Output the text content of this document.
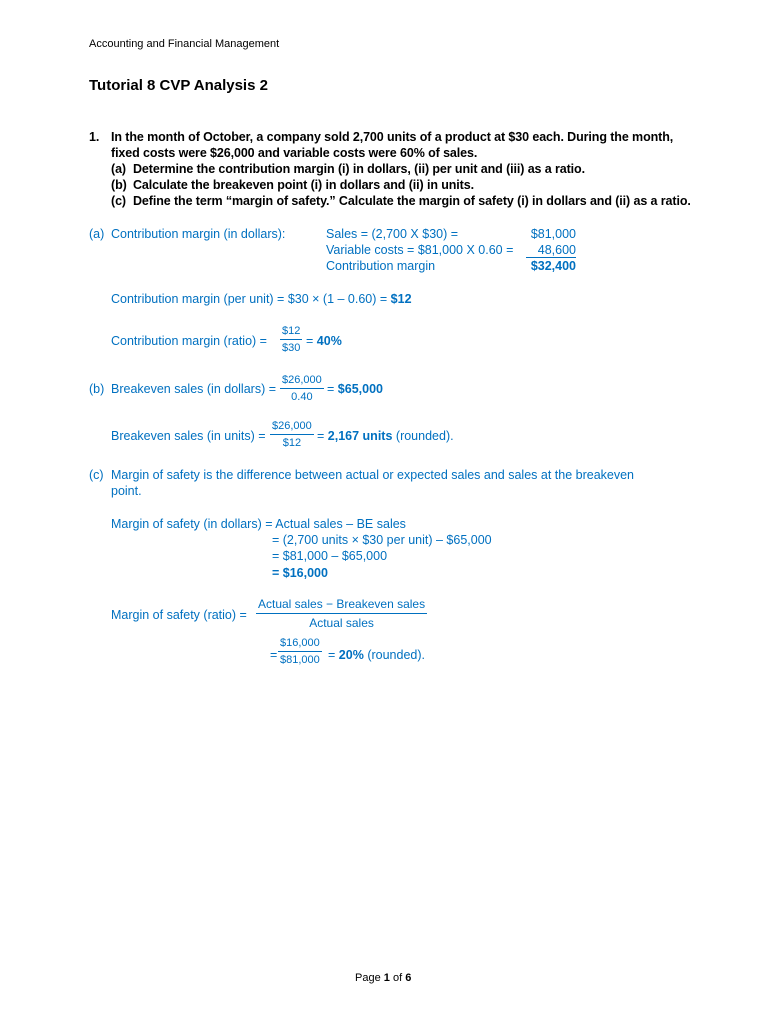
Accounting and Financial Management
Tutorial 8 CVP Analysis 2
1. In the month of October, a company sold 2,700 units of a product at $30 each. During the month,
fixed costs were $26,000 and variable costs were 60% of sales.
(a) Determine the contribution margin (i) in dollars, (ii) per unit and (iii) as a ratio.
(b) Calculate the breakeven point (i) in dollars and (ii) in units.
(c) Define the term “margin of safety.” Calculate the margin of safety (i) in dollars and (ii) as a ratio.
(a) Contribution margin (in dollars):	Sales = (2,700 X $30) =	$81,000
Variable costs = $81,000 X 0.60 =	48,600
Contribution margin	$32,400
Contribution margin (per unit) = $30 × (1 – 0.60) = $12
Contribution margin (ratio) = $\frac{\$12}{\$30} = 40\%$
(b) Breakeven sales (in dollars) = $\frac{\$26,000}{0.40}$ = $65,000
Breakeven sales (in units) = $\frac{\$26,000}{\$12} = 2,167$ units (rounded).
(c) Margin of safety is the difference between actual or expected sales and sales at the breakeven
point.
Margin of safety (in dollars) = Actual sales – BE sales
= (2,700 units × $30 per unit) – $65,000
= $81,000 – $65,000
= $16,000
Margin of safety (ratio) =
Actual sales − Breakeven sales
Actual sales
= $\frac{\$16,000}{\$81,000} = 20\%$ (rounded).
Page 1 of 6
